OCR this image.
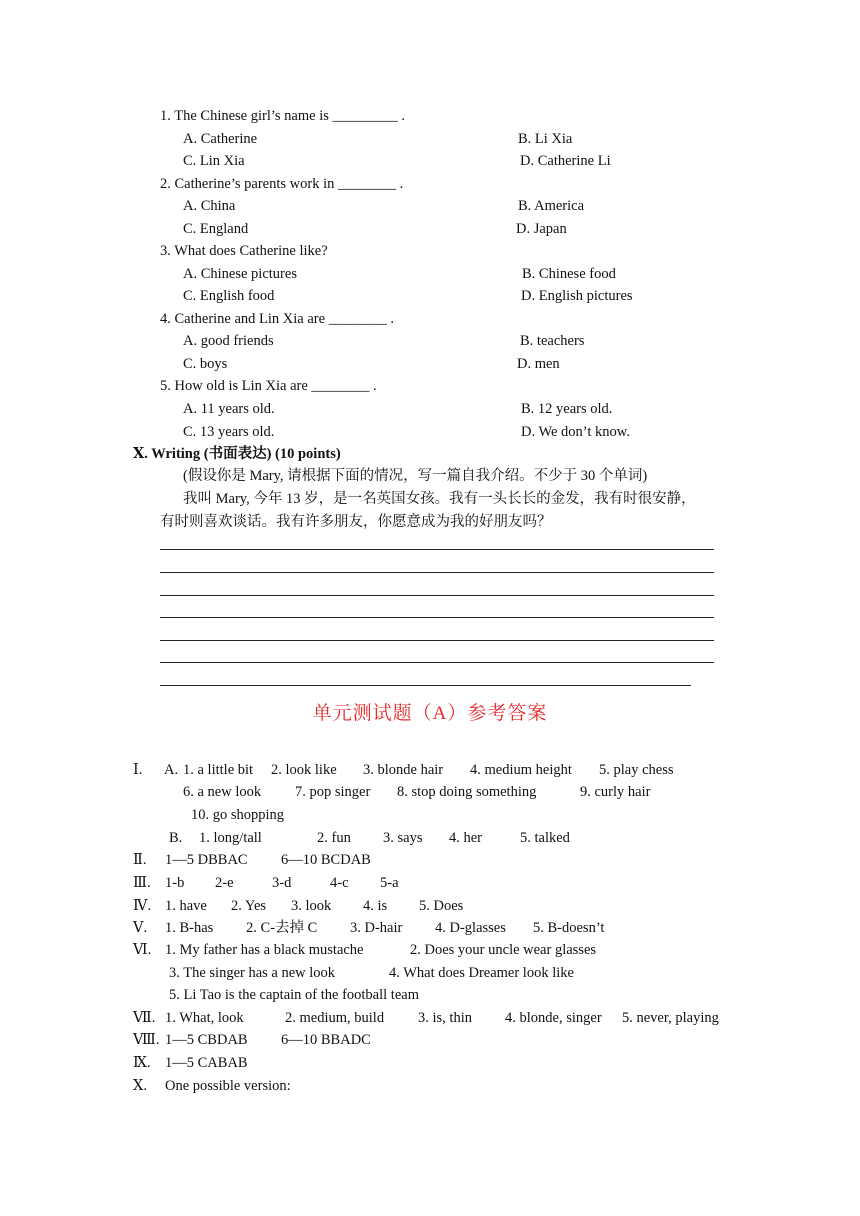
1. The Chinese girl’s name is _________ .
A. Catherine	B. Li Xia
C. Lin Xia	D. Catherine Li
2. Catherine’s parents work in ________ .
A. China	B. America
C. England	D. Japan
3. What does Catherine like?
A. Chinese pictures	B. Chinese food
C. English food	D. English pictures
4. Catherine and Lin Xia are ________ .
A. good friends	B. teachers
C. boys	D. men
5. How old is Lin Xia are ________ .
A. 11 years old.	B. 12 years old.
C. 13 years old.	D. We don’t know.
Ⅹ. Writing (书面表达) (10 points)
(假设你是 Mary, 请根据下面的情况，写一篇自我介绍。不少于 30 个单词)
我叫 Mary, 今年 13 岁，是一名英国女孩。我有一头长长的金发，我有时很安静，
有时则喜欢谈话。我有许多朋友，你愿意成为我的好朋友吗？
单元测试题（A）参考答案
Ⅰ. A. 1. a little bit 2. look like 3. blonde hair 4. medium height 5. play chess
6. a new look 7. pop singer 8. stop doing something	9. curly hair
10. go shopping
B. 1. long/tall	2. fun 3. says 4. her	5. talked
Ⅱ. 1—5 DBBAC 6—10 BCDAB
Ⅲ. 1-b 2-e	3-d	4-c 5-a
Ⅳ. 1. have 2. Yes 3. look 4. is 5. Does
Ⅴ. 1. B-has 2. C-去掉 C 3. D-hair 4. D-glasses 5. B-doesn’t
Ⅵ. 1. My father has a black mustache	2. Does your uncle wear glasses
3. The singer has a new look	4. What does Dreamer look like
5. Li Tao is the captain of the football team
Ⅶ. 1. What, look	2. medium, build 3. is, thin 4. blonde, singer 5. never, playing
Ⅷ. 1—5 CBDAB 6—10 BBADC
Ⅸ. 1—5 CABAB
Ⅹ. One possible version:
